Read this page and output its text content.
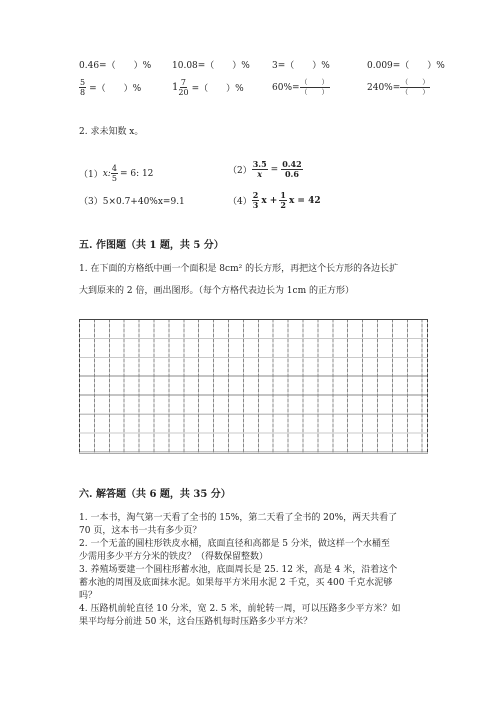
0.46=（　　）% 10.08=（　　）% 3=（　　）%	0.009=（　　）%
$\frac{5}{8}$ =（　　）%	$1 \frac{7}{20}$ =（　　）%	$60\%= \frac{( )}{( )}$	$240\%= \frac{( )}{( )}$
2. 求未知数 x。
（1） x: $\frac{4}{5} = 6$: 12	$(2) \frac{3.5}{x} = \frac{0.42}{0.6}$
（3）5×0.7+40%x=9.1	$(4) \frac{2}{3}$ $x + \frac{1}{2}$ x = 42
五. 作图题（共 1 题，共 5 分）
1. 在下面的方格纸中画一个面积是 8cm² 的长方形，再把这个长方形的各边长扩
大到原来的 2 倍，画出图形。（每个方格代表边长为 1cm 的正方形）
六. 解答题（共 6 题，共 35 分）
1. 一本书，淘气第一天看了全书的 15%，第二天看了全书的 20%，两天共看了
70 页，这本书一共有多少页？
2. 一个无盖的圆柱形铁皮水桶，底面直径和高都是 5 分米，做这样一个水桶至
少需用多少平方分米的铁皮？（得数保留整数）
3. 养殖场要建一个圆柱形蓄水池，底面周长是 25. 12 米，高是 4 米，沿着这个
蓄水池的周围及底面抹水泥。如果每平方米用水泥 2 千克，买 400 千克水泥够
吗？
4. 压路机前轮直径 10 分米，宽 2. 5 米，前轮转一周，可以压路多少平方米？如
果平均每分前进 50 米，这台压路机每时压路多少平方米？
